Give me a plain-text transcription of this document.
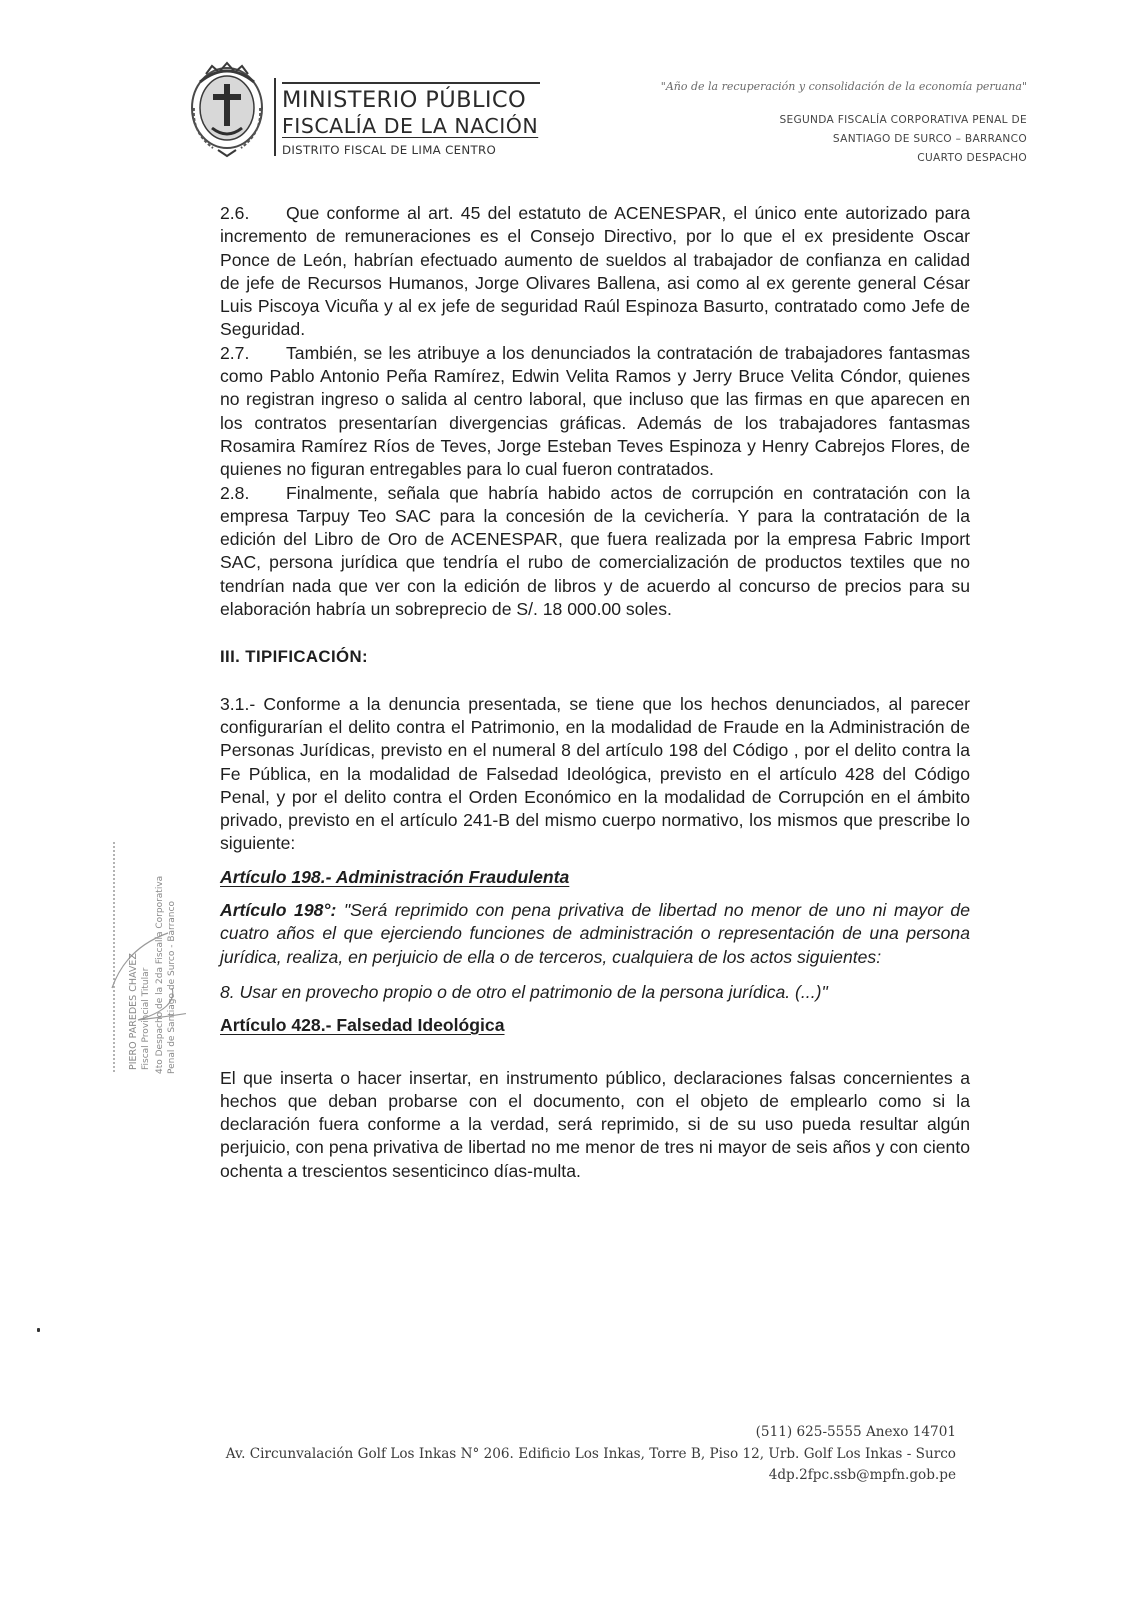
MINISTERIO PÚBLICO
FISCALÍA DE LA NACIÓN
DISTRITO FISCAL DE LIMA CENTRO
"Año de la recuperación y consolidación de la economía peruana"
SEGUNDA FISCALÍA CORPORATIVA PENAL DE
SANTIAGO DE SURCO – BARRANCO
CUARTO DESPACHO

2.6. Que conforme al art. 45 del estatuto de ACENESPAR, el único ente autorizado para incremento de remuneraciones es el Consejo Directivo, por lo que el ex presidente Oscar Ponce de León, habrían efectuado aumento de sueldos al trabajador de confianza en calidad de jefe de Recursos Humanos, Jorge Olivares Ballena, asi como al ex gerente general César Luis Piscoya Vicuña y al ex jefe de seguridad Raúl Espinoza Basurto, contratado como Jefe de Seguridad.

2.7. También, se les atribuye a los denunciados la contratación de trabajadores fantasmas como Pablo Antonio Peña Ramírez, Edwin Velita Ramos y Jerry Bruce Velita Cóndor, quienes no registran ingreso o salida al centro laboral, que incluso que las firmas en que aparecen en los contratos presentarían divergencias gráficas. Además de los trabajadores fantasmas Rosamira Ramírez Ríos de Teves, Jorge Esteban Teves Espinoza y Henry Cabrejos Flores, de quienes no figuran entregables para lo cual fueron contratados.

2.8. Finalmente, señala que habría habido actos de corrupción en contratación con la empresa Tarpuy Teo SAC para la concesión de la cevichería. Y para la contratación de la edición del Libro de Oro de ACENESPAR, que fuera realizada por la empresa Fabric Import SAC, persona jurídica que tendría el rubo de comercialización de productos textiles que no tendrían nada que ver con la edición de libros y de acuerdo al concurso de precios para su elaboración habría un sobreprecio de S/. 18 000.00 soles.

III. TIPIFICACIÓN:

3.1.- Conforme a la denuncia presentada, se tiene que los hechos denunciados, al parecer configurarían el delito contra el Patrimonio, en la modalidad de Fraude en la Administración de Personas Jurídicas, previsto en el numeral 8 del artículo 198 del Código , por el delito contra la Fe Pública, en la modalidad de Falsedad Ideológica, previsto en el artículo 428 del Código Penal, y por el delito contra el Orden Económico en la modalidad de Corrupción en el ámbito privado, previsto en el artículo 241-B del mismo cuerpo normativo, los mismos que prescribe lo siguiente:

Artículo 198.- Administración Fraudulenta

Artículo 198°: "Será reprimido con pena privativa de libertad no menor de uno ni mayor de cuatro años el que ejerciendo funciones de administración o representación de una persona jurídica, realiza, en perjuicio de ella o de terceros, cualquiera de los actos siguientes:

8. Usar en provecho propio o de otro el patrimonio de la persona jurídica. (...)"

Artículo 428.- Falsedad Ideológica

El que inserta o hacer insertar, en instrumento público, declaraciones falsas concernientes a hechos que deban probarse con el documento, con el objeto de emplearlo como si la declaración fuera conforme a la verdad, será reprimido, si de su uso pueda resultar algún perjuicio, con pena privativa de libertad no me menor de tres ni mayor de seis años y con ciento ochenta a trescientos sesenticinco días-multa.

PIERO PAREDES CHAVEZ Fiscal Provincial Titular 4to Despacho de la 2da Fiscalía Corporativa Penal de Santiago de Surco - Barranco
(511) 625-5555 Anexo 14701
Av. Circunvalación Golf Los Inkas N° 206. Edificio Los Inkas, Torre B, Piso 12, Urb. Golf Los Inkas - Surco
4dp.2fpc.ssb@mpfn.gob.pe
